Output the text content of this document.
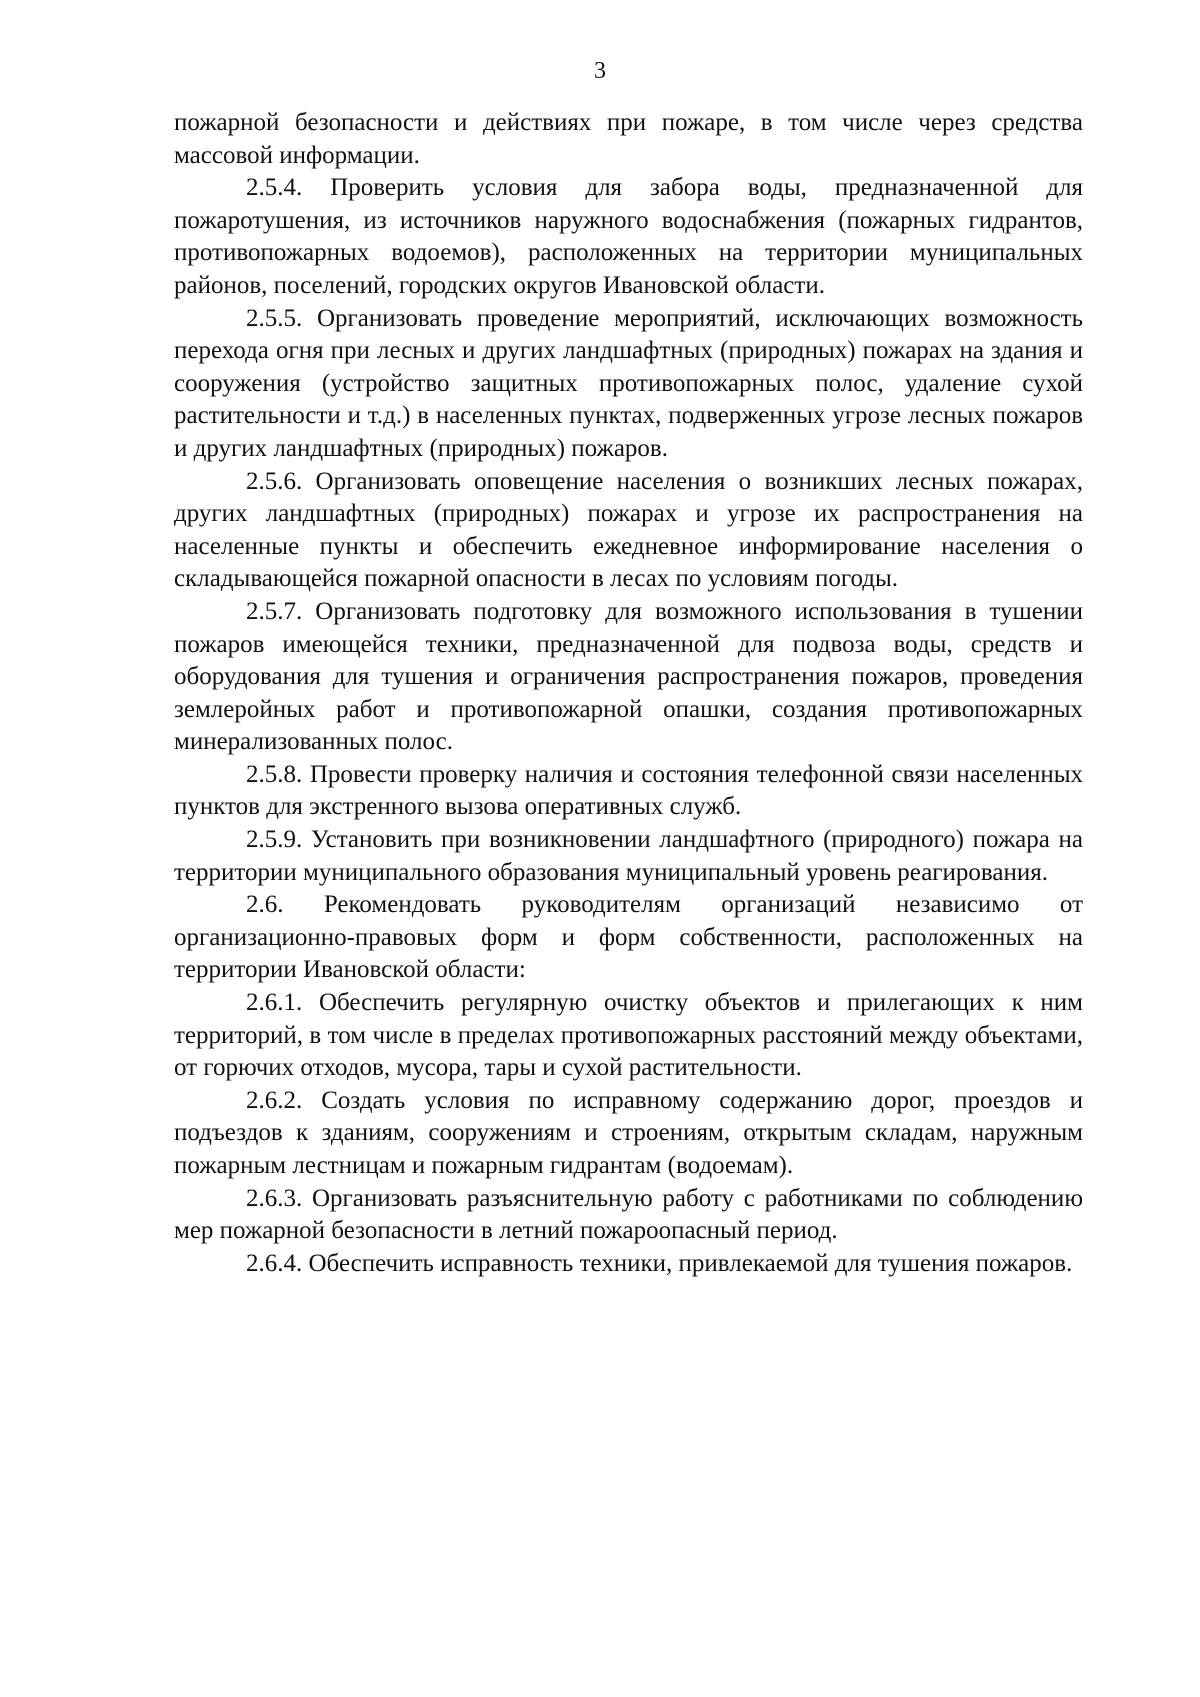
3

пожарной безопасности и действиях при пожаре, в том числе через средства массовой информации.

2.5.4. Проверить условия для забора воды, предназначенной для пожаротушения, из источников наружного водоснабжения (пожарных гидрантов, противопожарных водоемов), расположенных на территории муниципальных районов, поселений, городских округов Ивановской области.

2.5.5. Организовать проведение мероприятий, исключающих возможность перехода огня при лесных и других ландшафтных (природных) пожарах на здания и сооружения (устройство защитных противопожарных полос, удаление сухой растительности и т.д.) в населенных пунктах, подверженных угрозе лесных пожаров и других ландшафтных (природных) пожаров.

2.5.6. Организовать оповещение населения о возникших лесных пожарах, других ландшафтных (природных) пожарах и угрозе их распространения на населенные пункты и обеспечить ежедневное информирование населения о складывающейся пожарной опасности в лесах по условиям погоды.

2.5.7. Организовать подготовку для возможного использования в тушении пожаров имеющейся техники, предназначенной для подвоза воды, средств и оборудования для тушения и ограничения распространения пожаров, проведения землеройных работ и противопожарной опашки, создания противопожарных минерализованных полос.

2.5.8. Провести проверку наличия и состояния телефонной связи населенных пунктов для экстренного вызова оперативных служб.

2.5.9. Установить при возникновении ландшафтного (природного) пожара на территории муниципального образования муниципальный уровень реагирования.

2.6. Рекомендовать руководителям организаций независимо от организационно-правовых форм и форм собственности, расположенных на территории Ивановской области:

2.6.1. Обеспечить регулярную очистку объектов и прилегающих к ним территорий, в том числе в пределах противопожарных расстояний между объектами, от горючих отходов, мусора, тары и сухой растительности.

2.6.2. Создать условия по исправному содержанию дорог, проездов и подъездов к зданиям, сооружениям и строениям, открытым складам, наружным пожарным лестницам и пожарным гидрантам (водоемам).

2.6.3. Организовать разъяснительную работу с работниками по соблюдению мер пожарной безопасности в летний пожароопасный период.

2.6.4. Обеспечить исправность техники, привлекаемой для тушения пожаров.
